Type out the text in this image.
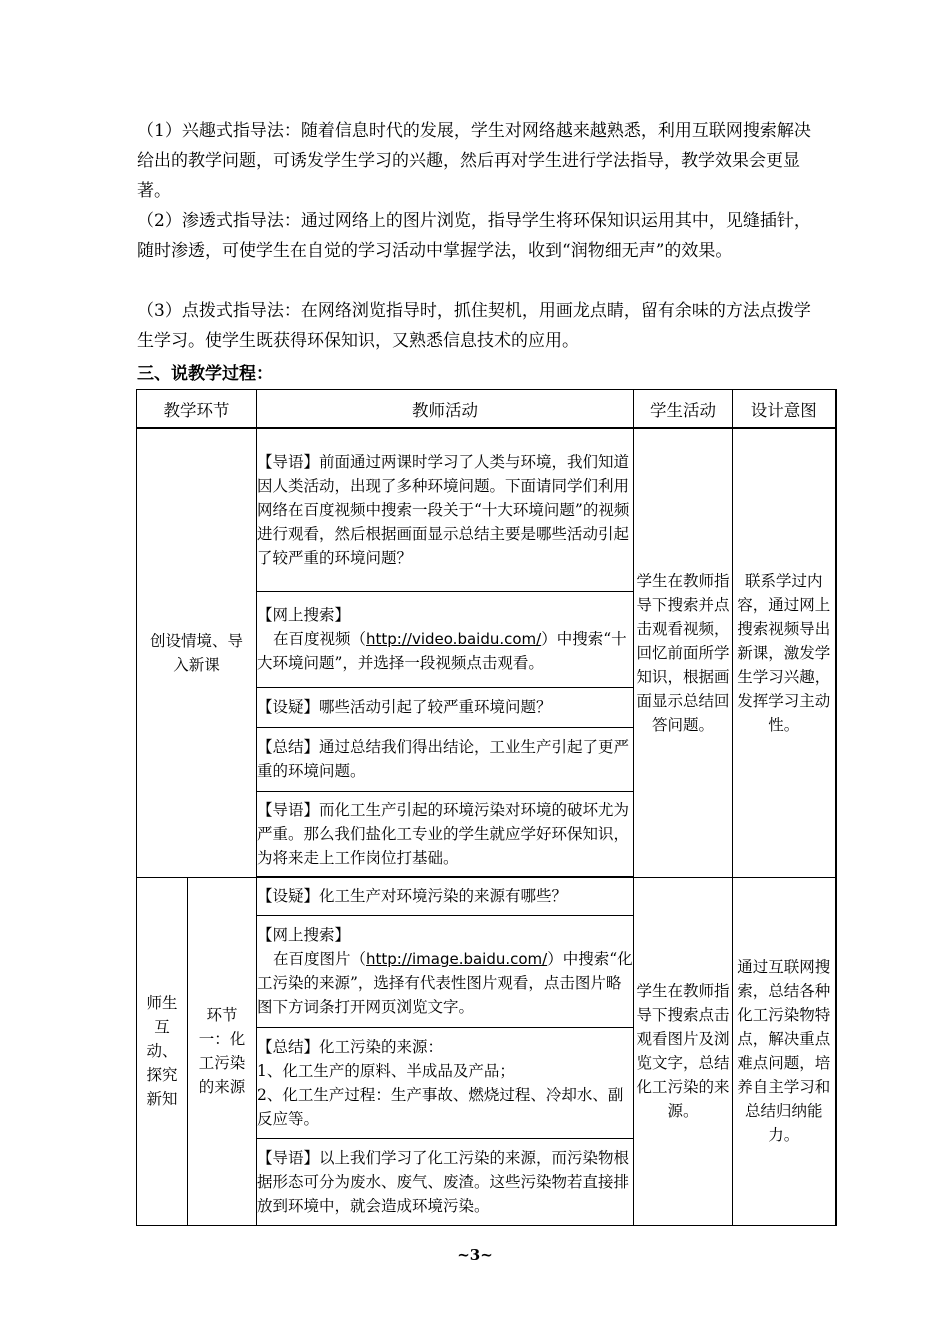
（1）兴趣式指导法：随着信息时代的发展，学生对网络越来越熟悉，利用互联网搜索解决给出的教学问题，可诱发学生学习的兴趣，然后再对学生进行学法指导，教学效果会更显著。
（2）渗透式指导法：通过网络上的图片浏览，指导学生将环保知识运用其中，见缝插针，随时渗透，可使学生在自觉的学习活动中掌握学法，收到“润物细无声”的效果。
（3）点拨式指导法：在网络浏览指导时，抓住契机，用画龙点睛，留有余味的方法点拨学生学习。使学生既获得环保知识，又熟悉信息技术的应用。
三、说教学过程：
教学环节		教师活动	学生活动	设计意图
创设情境、导入新课		【导语】前面通过两课时学习了人类与环境，我们知道因人类活动，出现了多种环境问题。下面请同学们利用网络在百度视频中搜索一段关于“十大环境问题”的视频进行观看，然后根据画面显示总结主要是哪些活动引起了较严重的环境问题？	学生在教师指导下搜索并点击观看视频，回忆前面所学知识，根据画面显示总结回答问题。	联系学过内容，通过网上搜索视频导出新课，激发学生学习兴趣，发挥学习主动性。

		【网上搜索】
在百度视频（http://video.baidu.com/）中搜索“十大环境问题”，并选择一段视频点击观看。		

		【设疑】哪些活动引起了较严重环境问题？		
		【总结】通过总结我们得出结论，工业生产引起了更严重的环境问题。		
		【导语】而化工生产引起的环境污染对环境的破坏尤为严重。那么我们盐化工专业的学生就应学好环保知识，为将来走上工作岗位打基础。		
师生互动、探究新知	环节一：化工污染的来源	【设疑】化工生产对环境污染的来源有哪些？	学生在教师指导下搜索点击观看图片及浏览文字，总结化工污染的来源。	通过互联网搜索，总结各种化工污染物特点，解决重点难点问题，培养自主学习和总结归纳能力。

		【网上搜索】
在百度图片（http://image.baidu.com/）中搜索“化工污染的来源”，选择有代表性图片观看，点击图片略图下方词条打开网页浏览文字。		

		【总结】化工污染的来源：
1、化工生产的原料、半成品及产品；
2、化工生产过程：生产事故、燃烧过程、冷却水、副反应等。		

		【导语】以上我们学习了化工污染的来源，而污染物根据形态可分为废水、废气、废渣。这些污染物若直接排放到环境中，就会造成环境污染。		
~3~
